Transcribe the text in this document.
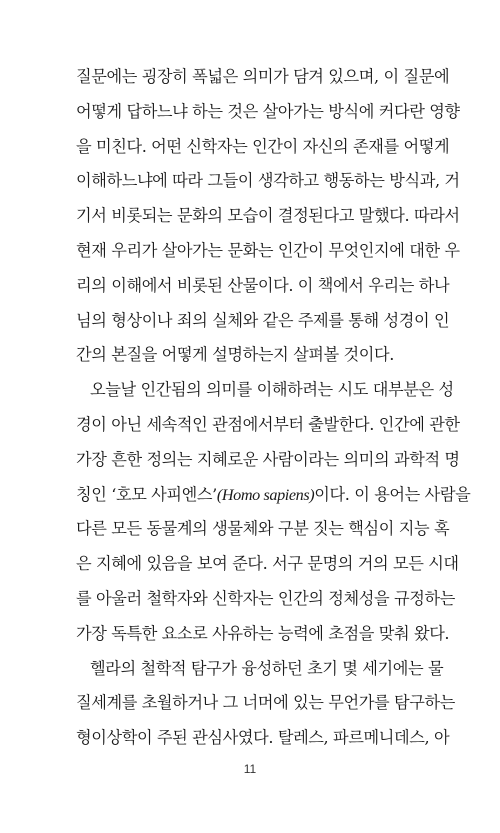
질문에는 굉장히 폭넓은 의미가 담겨 있으며, 이 질문에
어떻게 답하느냐 하는 것은 살아가는 방식에 커다란 영향
을 미친다. 어떤 신학자는 인간이 자신의 존재를 어떻게
이해하느냐에 따라 그들이 생각하고 행동하는 방식과, 거
기서 비롯되는 문화의 모습이 결정된다고 말했다. 따라서
현재 우리가 살아가는 문화는 인간이 무엇인지에 대한 우
리의 이해에서 비롯된 산물이다. 이 책에서 우리는 하나
님의 형상이나 죄의 실체와 같은 주제를 통해 성경이 인
간의 본질을 어떻게 설명하는지 살펴볼 것이다.
오늘날 인간됨의 의미를 이해하려는 시도 대부분은 성
경이 아닌 세속적인 관점에서부터 출발한다. 인간에 관한
가장 흔한 정의는 지혜로운 사람이라는 의미의 과학적 명
칭인 ‘호모 사피엔스’(Homo sapiens)이다. 이 용어는 사람을
다른 모든 동물계의 생물체와 구분 짓는 핵심이 지능 혹
은 지혜에 있음을 보여 준다. 서구 문명의 거의 모든 시대
를 아울러 철학자와 신학자는 인간의 정체성을 규정하는
가장 독특한 요소로 사유하는 능력에 초점을 맞춰 왔다.
헬라의 철학적 탐구가 융성하던 초기 몇 세기에는 물
질세계를 초월하거나 그 너머에 있는 무언가를 탐구하는
형이상학이 주된 관심사였다. 탈레스, 파르메니데스, 아
11
